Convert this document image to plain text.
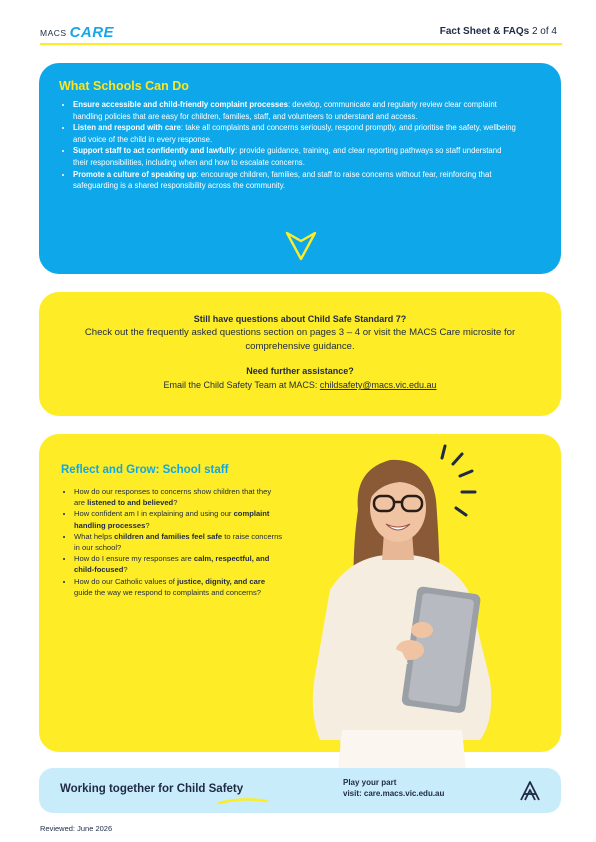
MACS CARE	Fact Sheet & FAQs 2 of 4
What Schools Can Do
• Ensure accessible and child-friendly complaint processes: develop, communicate and regularly review clear complaint handling policies that are easy for children, families, staff, and volunteers to understand and access.
• Listen and respond with care: take all complaints and concerns seriously, respond promptly, and prioritise the safety, wellbeing and voice of the child in every response.
• Support staff to act confidently and lawfully: provide guidance, training, and clear reporting pathways so staff understand their responsibilities, including when and how to escalate concerns.
• Promote a culture of speaking up: encourage children, families, and staff to raise concerns without fear, reinforcing that safeguarding is a shared responsibility across the community.
Still have questions about Child Safe Standard 7?
Check out the frequently asked questions section on pages 3 – 4 or visit the MACS Care microsite for comprehensive guidance.
Need further assistance?
Email the Child Safety Team at MACS: childsafety@macs.vic.edu.au
Reflect and Grow: School staff
• How do our responses to concerns show children that they are listened to and believed?
• How confident am I in explaining and using our complaint handling processes?
• What helps children and families feel safe to raise concerns in our school?
• How do I ensure my responses are calm, respectful, and child-focused?
• How do our Catholic values of justice, dignity, and care guide the way we respond to complaints and concerns?
Working together for Child Safety
Play your part
visit: care.macs.vic.edu.au
Reviewed: June 2026
